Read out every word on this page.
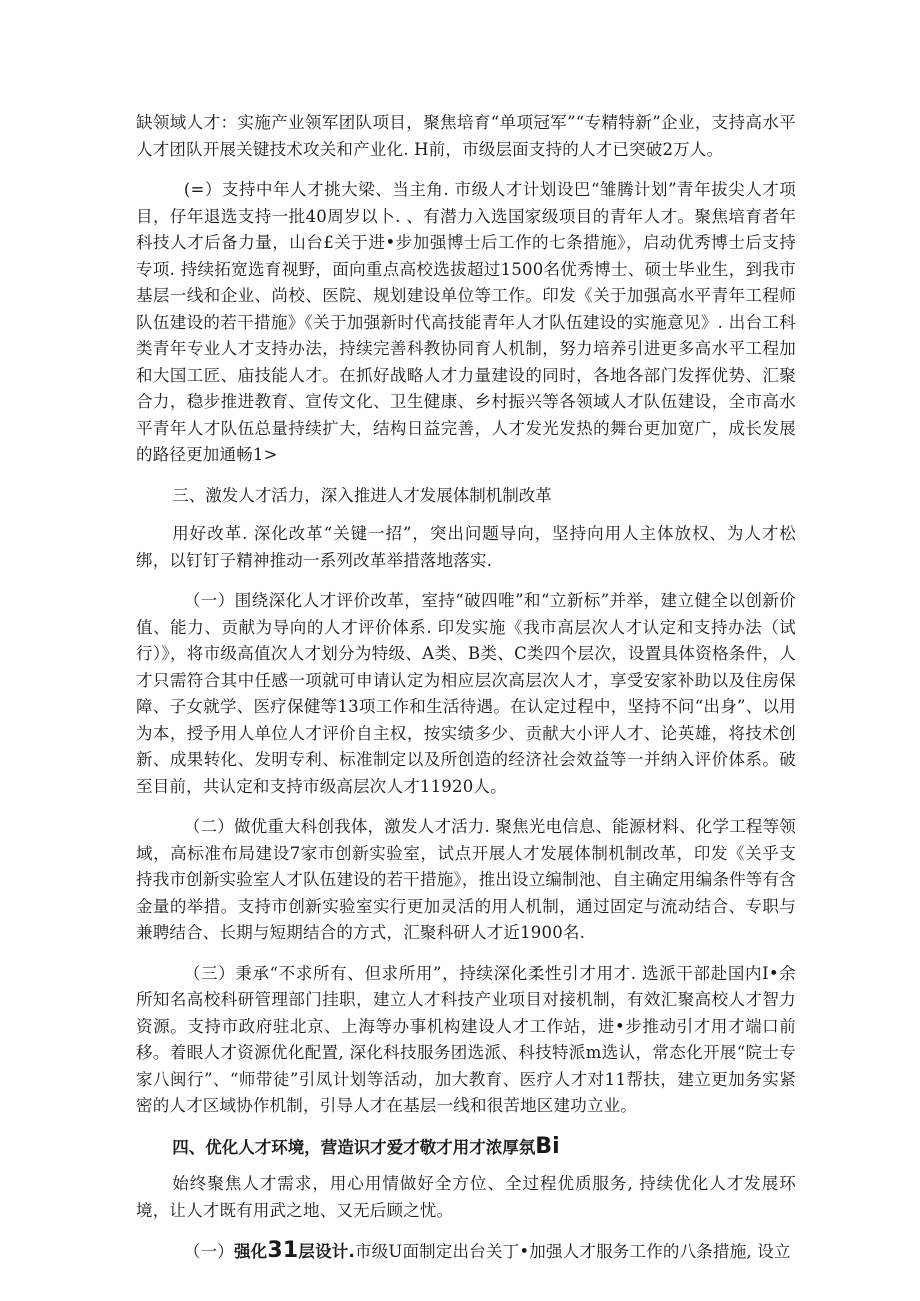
缺领域人才：实施产业领军团队项目，聚焦培育“单项冠军”“专精特新”企业，支持高水平人才团队开展关键技术攻关和产业化. H前，市级层面支持的人才已突破2万人。

(=）支持中年人才挑大梁、当主角. 市级人才计划设巴“雏腾计划”青年拔尖人才项目，仔年退选支持一批40周岁以卜. 、有潜力入选国家级项目的青年人才。聚焦培育者年科技人才后备力量，山台£关于进•步加强博士后工作的七条措施》，启动优秀博士后支持专项. 持续拓宽选育视野，面向重点高校选拔超过1500名优秀博士、硕士毕业生，到我市基层一线和企业、尚校、医院、规划建设单位等工作。印发《关于加强高水平青年工程师队伍建设的若干措施》《关于加强新时代高技能青年人才队伍建设的实施意见》. 出台工科类青年专业人才支持办法，持续完善科教协同育人机制，努力培养引进更多高水平工程加和大国工匠、庙技能人才。在抓好战略人才力量建设的同时，各地各部门发挥优势、汇聚合力，稳步推进教育、宣传文化、卫生健康、乡村振兴等各领域人才队伍建设，全市高水平青年人才队伍总量持续扩大，结构日益完善，人才发光发热的舞台更加宽广，成长发展的路径更加通畅1>

三、激发人才活力，深入推进人才发展体制机制改革

用好改革. 深化改革“关键一招”，突出问题导向，坚持向用人主体放权、为人才松绑，以钉钉子精神推动一系列改革举措落地落实.

（一）围绕深化人才评价改革，室持“破四唯”和“立新标”并举，建立健全以创新价值、能力、贡献为导向的人才评价体系. 印发实施《我市高层次人才认定和支持办法（试行）》，将市级高值次人才划分为特级、A类、B类、C类四个层次，设置具体资格条件，人才只需符合其中任感一项就可申请认定为相应层次高层次人才，享受安家补助以及住房保障、子女就学、医疗保健等13项工作和生活待遇。在认定过程中，坚持不问“出身”、以用为本，授予用人单位人才评价自主权，按实绩多少、贡献大小评人才、论英雄，将技术创新、成果转化、发明专利、标准制定以及所创造的经济社会效益等一并纳入评价体系。破至目前，共认定和支持市级高层次人才11920人。

（二）做优重大科创我体，激发人才活力. 聚焦光电信息、能源材料、化学工程等领域，高标准布局建设7家市创新实验室，试点开展人才发展体制机制改革，印发《关乎支持我市创新实验室人才队伍建设的若干措施》，推出设立编制池、自主确定用编条件等有含金量的举措。支持市创新实验室实行更加灵活的用人机制，通过固定与流动结合、专职与兼聘结合、长期与短期结合的方式，汇聚科研人才近1900名.

（三）秉承“不求所有、但求所用”，持续深化柔性引才用才. 选派干部赴国内I•余所知名高校科研管理部门挂职，建立人才科技产业项目对接机制，有效汇聚高校人才智力资源。支持市政府驻北京、上海等办事机构建设人才工作站，进•步推动引才用才端口前移。着眼人才资源优化配置, 深化科技服务团选派、科技特派m选认，常态化开展“院士专家八闽行”、“师带徒”引凤计划等活动，加大教育、医疗人才对11帮扶，建立更加务实紧密的人才区域协作机制，引导人才在基层一线和很苦地区建功立业。

四、优化人才环境，营造识才爱才敬才用才浓厚氛Bi

始终聚焦人才需求，用心用情做好全方位、全过程优质服务, 持续优化人才发展环境，让人才既有用武之地、又无后顾之忧。

（一）强化31层设计.市级U面制定出台关丁•加强人才服务工作的八条措施, 设立
